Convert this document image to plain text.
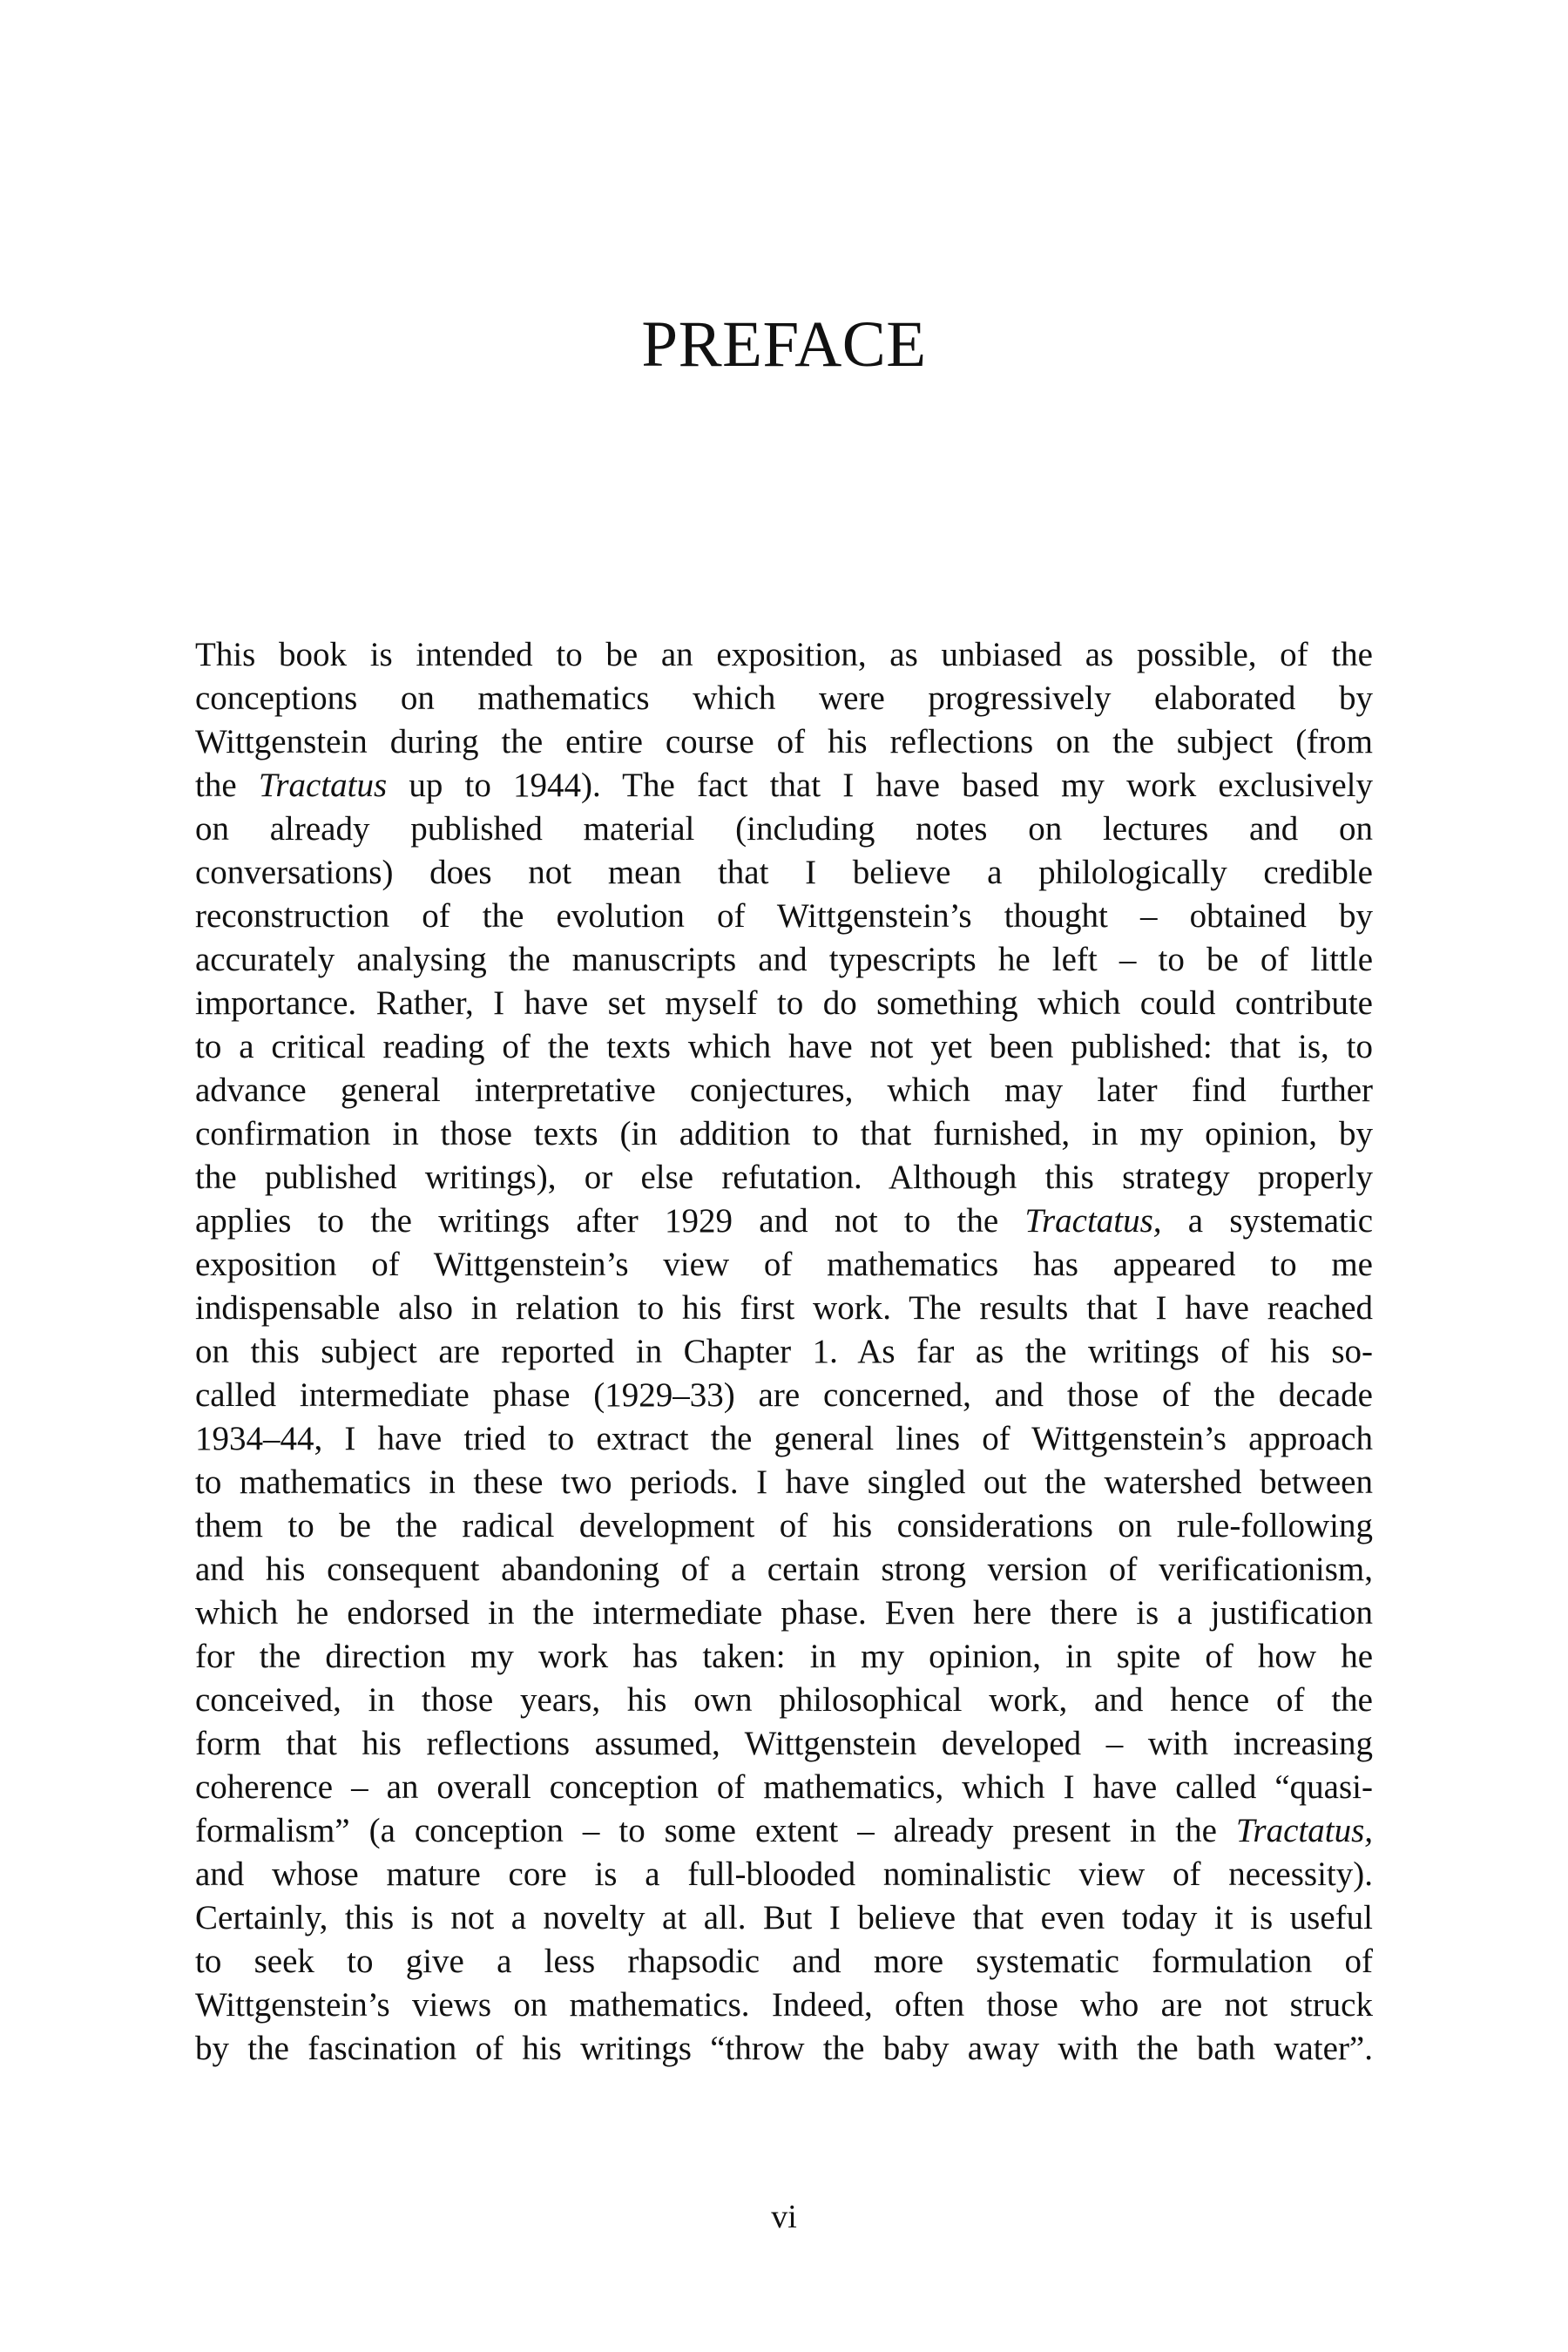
PREFACE
This book is intended to be an exposition, as unbiased as possible, of the
conceptions on mathematics which were progressively elaborated by
Wittgenstein during the entire course of his reflections on the subject (from
the Tractatus up to 1944). The fact that I have based my work exclusively
on already published material (including notes on lectures and on
conversations) does not mean that I believe a philologically credible
reconstruction of the evolution of Wittgenstein’s thought – obtained by
accurately analysing the manuscripts and typescripts he left – to be of little
importance. Rather, I have set myself to do something which could contribute
to a critical reading of the texts which have not yet been published: that is, to
advance general interpretative conjectures, which may later find further
confirmation in those texts (in addition to that furnished, in my opinion, by
the published writings), or else refutation. Although this strategy properly
applies to the writings after 1929 and not to the Tractatus, a systematic
exposition of Wittgenstein’s view of mathematics has appeared to me
indispensable also in relation to his first work. The results that I have reached
on this subject are reported in Chapter 1. As far as the writings of his so-
called intermediate phase (1929–33) are concerned, and those of the decade
1934–44, I have tried to extract the general lines of Wittgenstein’s approach
to mathematics in these two periods. I have singled out the watershed between
them to be the radical development of his considerations on rule-following
and his consequent abandoning of a certain strong version of verificationism,
which he endorsed in the intermediate phase. Even here there is a justification
for the direction my work has taken: in my opinion, in spite of how he
conceived, in those years, his own philosophical work, and hence of the
form that his reflections assumed, Wittgenstein developed – with increasing
coherence – an overall conception of mathematics, which I have called “quasi-
formalism” (a conception – to some extent – already present in the Tractatus,
and whose mature core is a full-blooded nominalistic view of necessity).
Certainly, this is not a novelty at all. But I believe that even today it is useful
to seek to give a less rhapsodic and more systematic formulation of
Wittgenstein’s views on mathematics. Indeed, often those who are not struck
by the fascination of his writings “throw the baby away with the bath water”.
vi
